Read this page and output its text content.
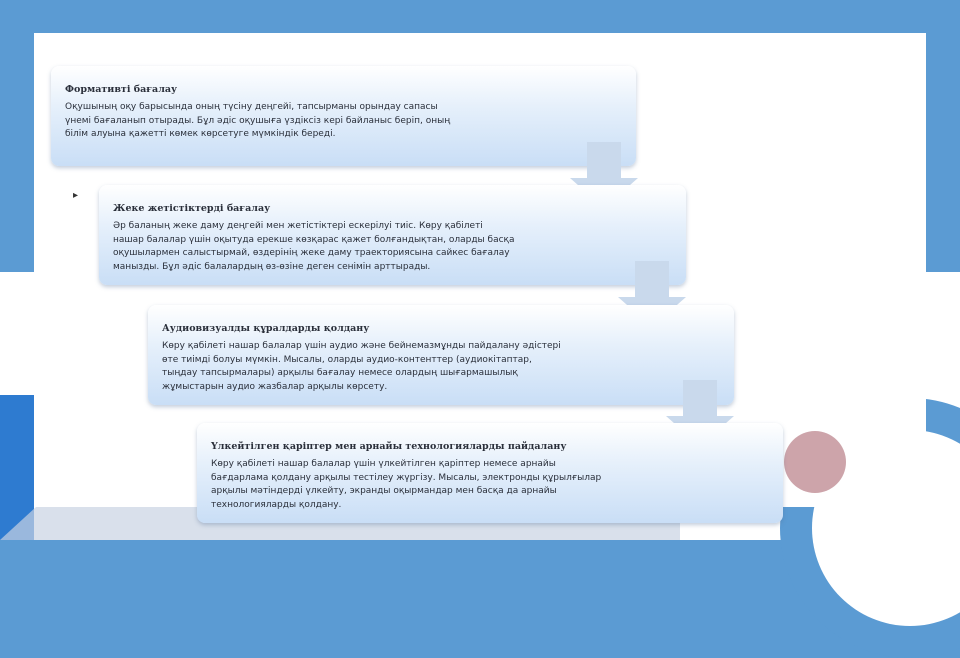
▸
Формативті бағалау

Оқушының оқу барысында оның түсіну деңгейі, тапсырманы орындау сапасы
үнемі бағаланып отырады. Бұл әдіс оқушыға үздіксіз кері байланыс беріп, оның
білім алуына қажетті көмек көрсетуге мүмкіндік береді.

Жеке жетістіктерді бағалау

Әр баланың жеке даму деңгейі мен жетістіктері ескерілуі тиіс. Көру қабілеті
нашар балалар үшін оқытуда ерекше көзқарас қажет болғандықтан, оларды басқа
оқушылармен салыстырмай, өздерінің жеке даму траекториясына сайкес бағалау
манызды. Бұл әдіс балалардың өз-өзіне деген сенімін арттырады.

Аудиовизуалды құралдарды қолдану

Көру қабілеті нашар балалар үшін аудио және бейнемазмұнды пайдалану әдістері
өте тиімді болуы мүмкін. Мысалы, оларды аудио-контенттер (аудиокітаптар,
тыңдау тапсырмалары) арқылы бағалау немесе олардың шығармашылық
жұмыстарын аудио жазбалар арқылы көрсету.

Үлкейтілген қаріптер мен арнайы технологияларды пайдалану

Көру қабілеті нашар балалар үшін үлкейтілген қаріптер немесе арнайы
бағдарлама қолдану арқылы тестілеу жүргізу. Мысалы, электронды құрылғылар
арқылы мәтіндерді үлкейту, экранды оқырмандар мен басқа да арнайы
технологияларды қолдану.
